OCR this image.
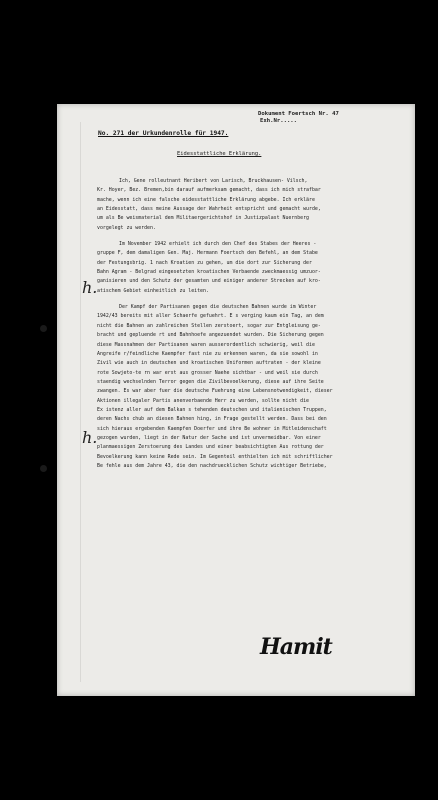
Dokument Foertsch Nr. 47
Exh.Nr.....
No. 271 der Urkundenrolle für 1947.
Eidesstattliche Erklärung.
h.
h.
Ich, Gene rolleutnant Heribert von Larisch, Bruckhausen- Vilsch,
Kr. Hoyer, Bez. Bremen,bin darauf aufmerksam gemacht, dass ich mich strafbar
mache, wenn ich eine falsche eidesstattliche Erklärung abgebe. Ich erkläre
an Eidesstatt, dass meine Aussage der Wahrheit entspricht und gemacht wurde,
um als Be weismaterial dem Militaergerichtshof in Justizpalast Nuernberg
vorgelegt zu werden.
Im November 1942 erhielt ich durch den Chef des Stabes der Heeres -
gruppe F, dem damaligen Gen. Maj. Hermann Foertsch den Befehl, an dem Stabe
der Festungsbrig. 1 nach Kroatien zu gehen, um die dort zur Sicherung der
Bahn Agram - Belgrad eingesetzten kroatischen Verbaende zweckmaessig umzuor-
ganisieren und den Schutz der gesamten und einiger anderer Strecken auf kro-
atischem Gebiet einheitlich zu leiten.
Der Kampf der Partisanen gegen die deutschen Bahnen wurde im Winter
1942/43 bereits mit aller Schaerfe gefuehrt. E s verging kaum ein Tag, an dem
nicht die Bahnen an zahlreichen Stellen zerstoert, sogar zur Entgleisung ge-
bracht und gepluende rt und Bahnhoefe angezuendet wurden. Die Sicherung gegen
diese Massnahmen der Partisanen waren ausserordentlich schwierig, weil die
Angreife r/feindliche Kaempfer fast nie zu erkennen waren, da sie sowohl in
Zivil wie auch in deutschen und kroatischen Uniformen auftraten - der kleine
rote Sowjeto-te rn war erst aus grosser Naehe sichtbar - und weil sie durch
staendig wechselnden Terror gegen die Zivilbevoelkerung, diese auf ihre Seite
zwangen. Es war aber fuer die deutsche Fuehrung eine Lebensnotwendigkeit, dieser
Aktionen illegaler Partis anenverbaende Herr zu werden, sollte nicht die
Ex istenz aller auf dem Balkan s tehenden deutschen und italienischen Truppen,
deren Nachs chub an diesen Bahnen hing, in Frage gestellt werden. Dass bei den
sich hieraus ergebenden Kaempfen Doerfer und ihre Be wohner in Mitleidenschaft
gezogen wurden, liegt in der Natur der Sache und ist unvermeidbar. Von einer
planmaessigen Zerstoerung des Landes und einer beabsichtigten Aus rottung der
Bevoelkerung kann keine Rede sein. Im Gegenteil enthielten ich mit schriftlicher
Be fehle aus dem Jahre 43, die den nachdruecklichen Schutz wichtiger Betriebe,
Hamit
